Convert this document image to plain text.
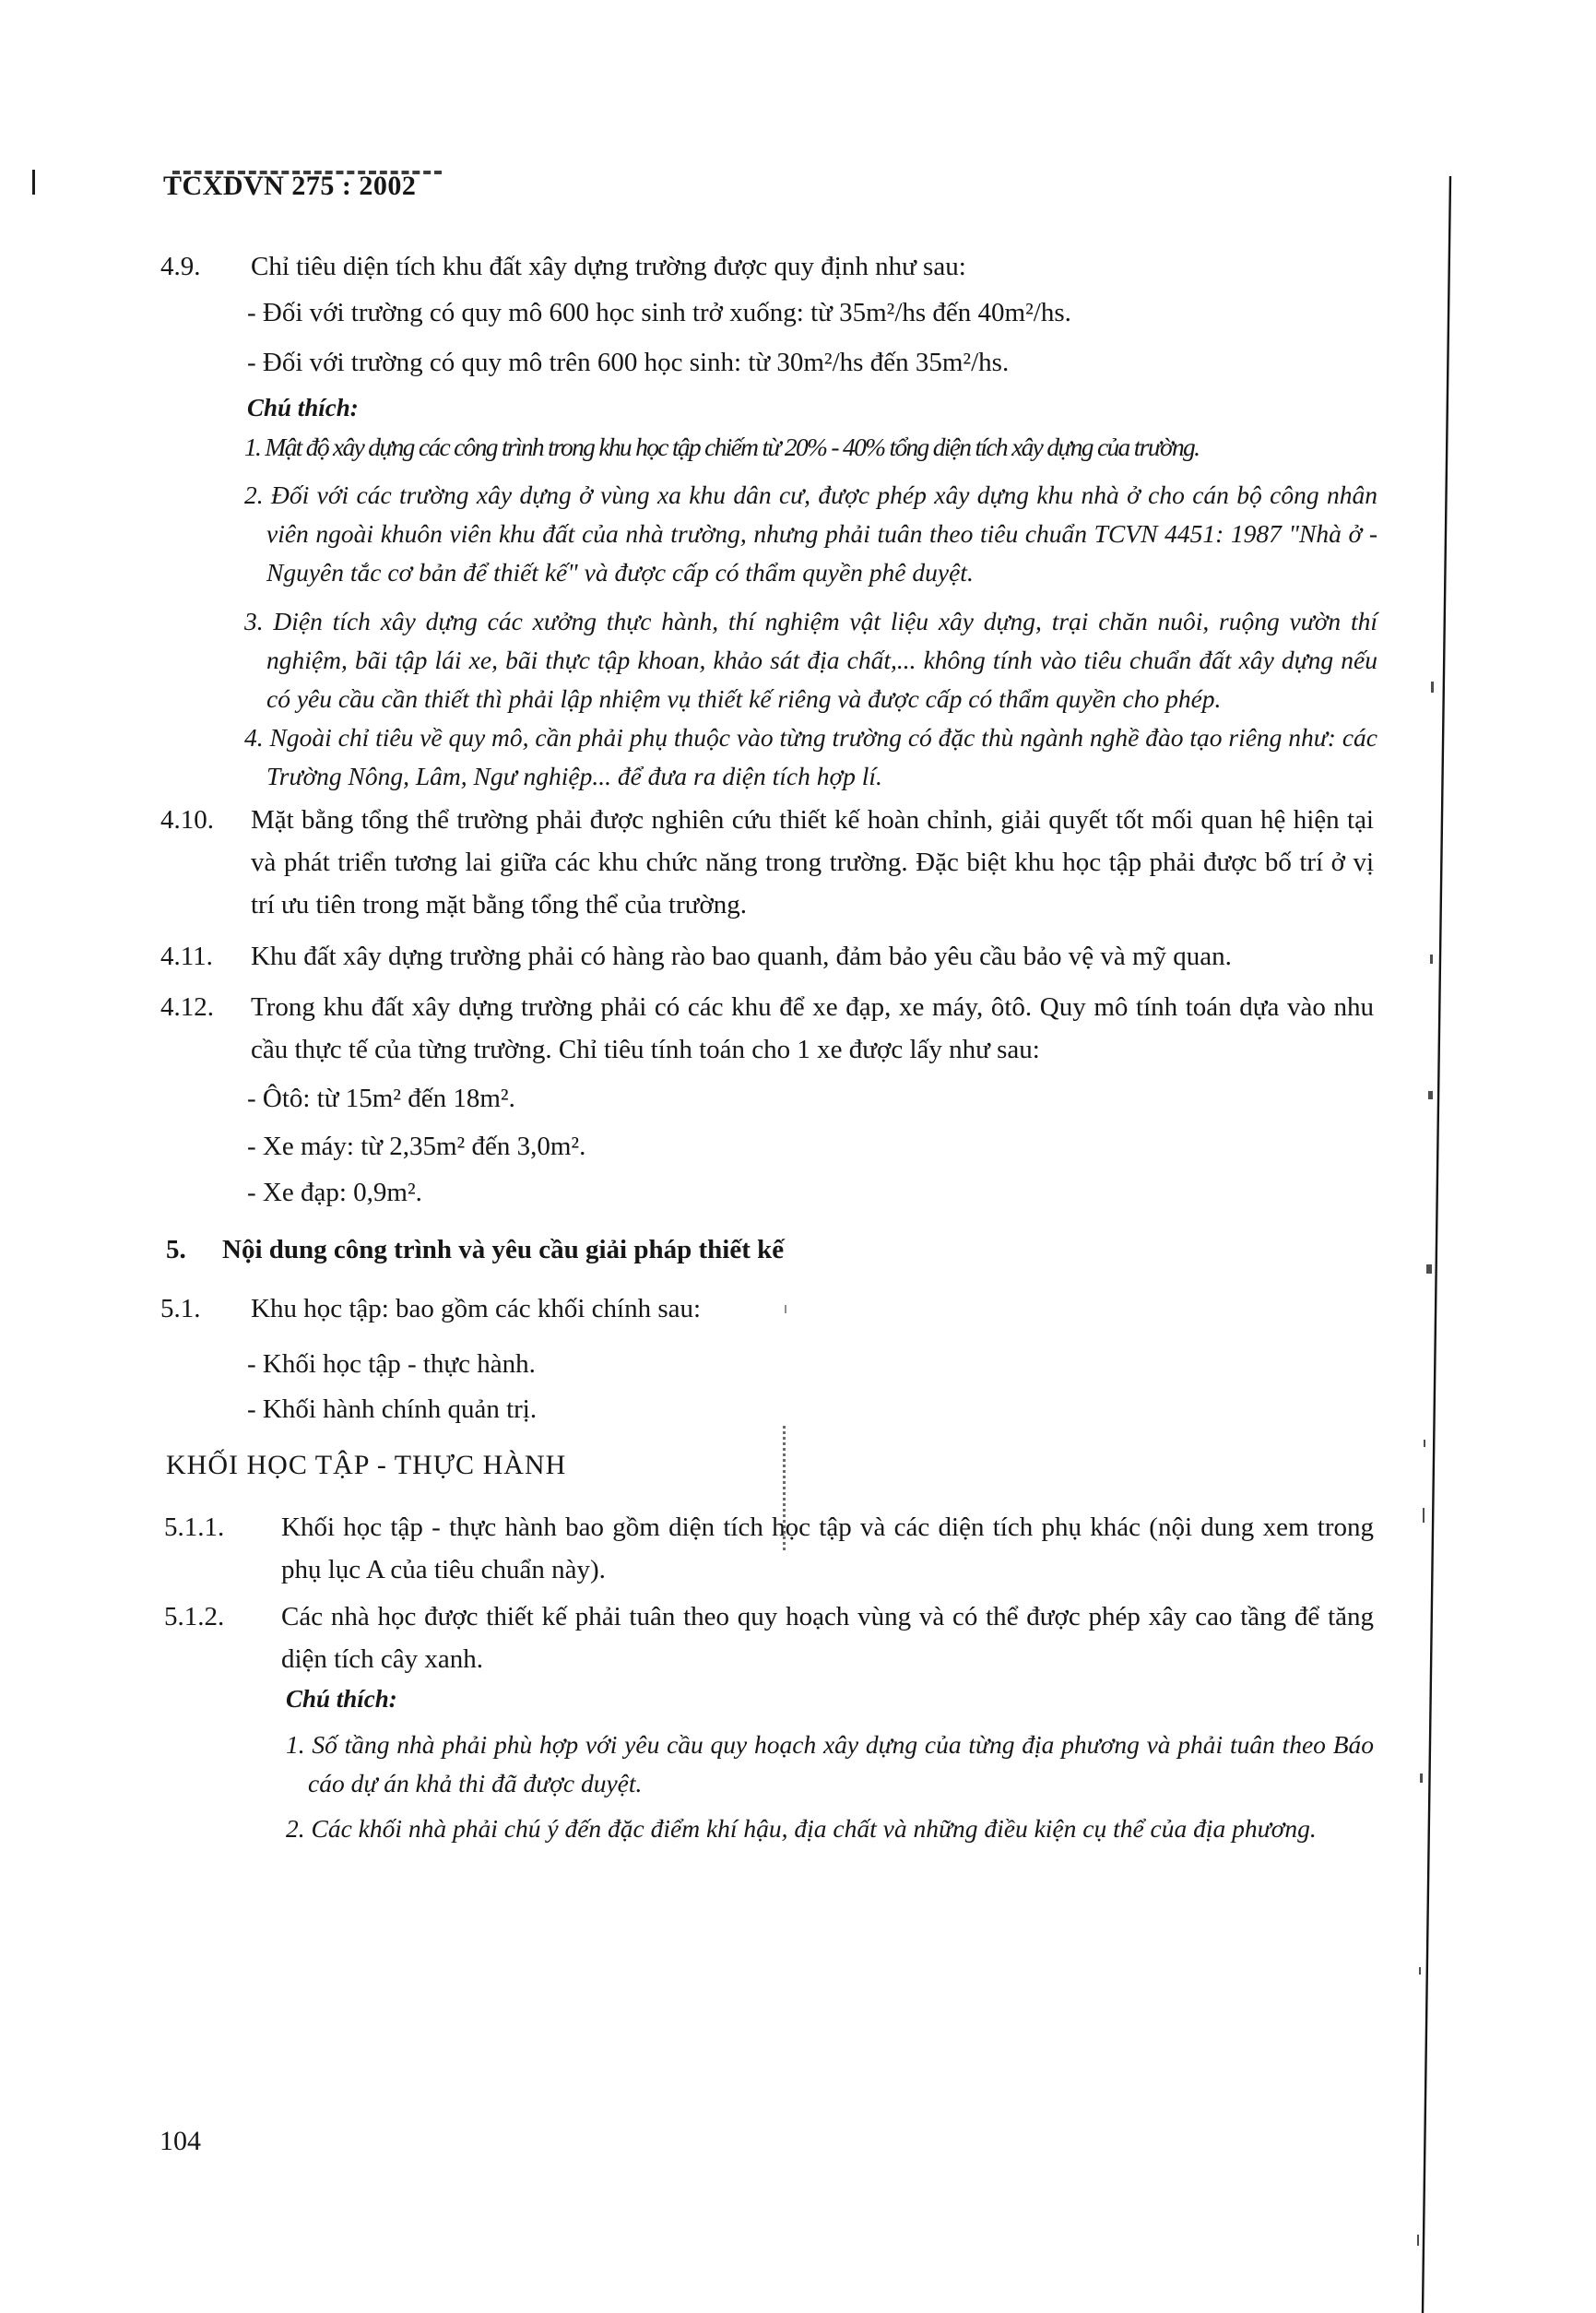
TCXDVN 275 : 2002
4.9.	Chỉ tiêu diện tích khu đất xây dựng trường được quy định như sau:
- Đối với trường có quy mô 600 học sinh trở xuống: từ 35m²/hs đến 40m²/hs.
- Đối với trường có quy mô trên 600 học sinh: từ 30m²/hs đến 35m²/hs.
Chú thích:

1. Mật độ xây dựng các công trình trong khu học tập chiếm từ 20% - 40% tổng diện tích xây dựng của trường.

2. Đối với các trường xây dựng ở vùng xa khu dân cư, được phép xây dựng khu nhà ở cho cán bộ công nhân viên ngoài khuôn viên khu đất của nhà trường, nhưng phải tuân theo tiêu chuẩn TCVN 4451: 1987 "Nhà ở - Nguyên tắc cơ bản để thiết kế" và được cấp có thẩm quyền phê duyệt.

3. Diện tích xây dựng các xưởng thực hành, thí nghiệm vật liệu xây dựng, trại chăn nuôi, ruộng vườn thí nghiệm, bãi tập lái xe, bãi thực tập khoan, khảo sát địa chất,... không tính vào tiêu chuẩn đất xây dựng nếu có yêu cầu cần thiết thì phải lập nhiệm vụ thiết kế riêng và được cấp có thẩm quyền cho phép.

4. Ngoài chỉ tiêu về quy mô, cần phải phụ thuộc vào từng trường có đặc thù ngành nghề đào tạo riêng như: các Trường Nông, Lâm, Ngư nghiệp... để đưa ra diện tích hợp lí.

4.10.	Mặt bằng tổng thể trường phải được nghiên cứu thiết kế hoàn chỉnh, giải quyết tốt mối quan hệ hiện tại và phát triển tương lai giữa các khu chức năng trong trường. Đặc biệt khu học tập phải được bố trí ở vị trí ưu tiên trong mặt bằng tổng thể của trường.
4.11.	Khu đất xây dựng trường phải có hàng rào bao quanh, đảm bảo yêu cầu bảo vệ và mỹ quan.
4.12.	Trong khu đất xây dựng trường phải có các khu để xe đạp, xe máy, ôtô. Quy mô tính toán dựa vào nhu cầu thực tế của từng trường. Chỉ tiêu tính toán cho 1 xe được lấy như sau:
- Ôtô: từ 15m² đến 18m².
- Xe máy: từ 2,35m² đến 3,0m².
- Xe đạp: 0,9m².
5.	Nội dung công trình và yêu cầu giải pháp thiết kế
5.1.	Khu học tập: bao gồm các khối chính sau:
- Khối học tập - thực hành.
- Khối hành chính quản trị.
KHỐI HỌC TẬP - THỰC HÀNH
5.1.1.	Khối học tập - thực hành bao gồm diện tích học tập và các diện tích phụ khác (nội dung xem trong phụ lục A của tiêu chuẩn này).
5.1.2.	Các nhà học được thiết kế phải tuân theo quy hoạch vùng và có thể được phép xây cao tầng để tăng diện tích cây xanh.
Chú thích:

1. Số tầng nhà phải phù hợp với yêu cầu quy hoạch xây dựng của từng địa phương và phải tuân theo Báo cáo dự án khả thi đã được duyệt.

2. Các khối nhà phải chú ý đến đặc điểm khí hậu, địa chất và những điều kiện cụ thể của địa phương.

104
